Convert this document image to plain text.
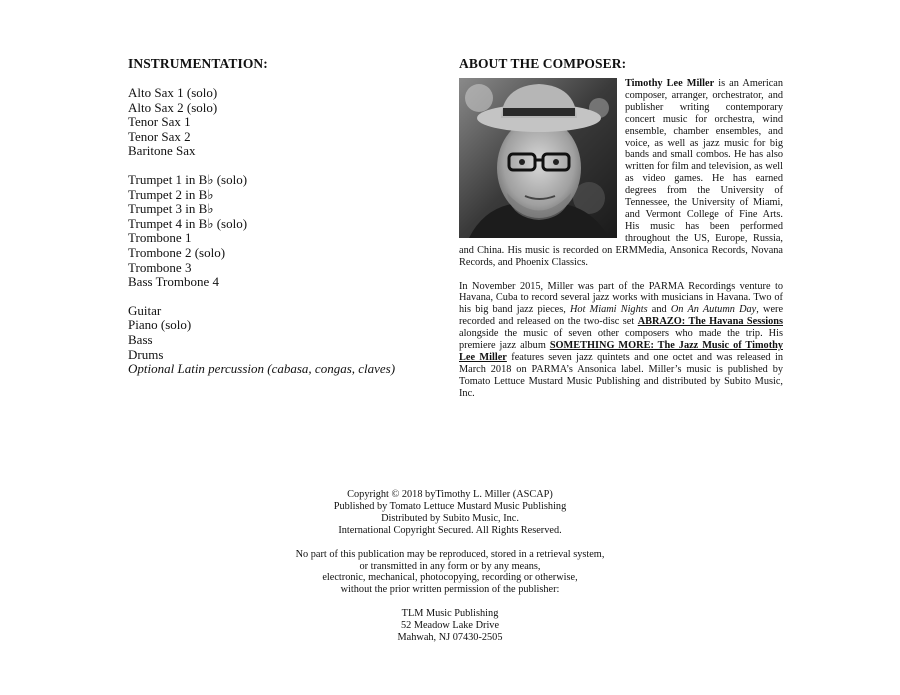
INSTRUMENTATION:
Alto Sax 1 (solo)
Alto Sax 2 (solo)
Tenor Sax 1
Tenor Sax 2
Baritone Sax
Trumpet 1 in B♭ (solo)
Trumpet 2 in B♭
Trumpet 3 in B♭
Trumpet 4 in B♭ (solo)
Trombone 1
Trombone 2 (solo)
Trombone 3
Bass Trombone 4
Guitar
Piano (solo)
Bass
Drums
Optional Latin percussion (cabasa, congas, claves)
ABOUT THE COMPOSER:

Timothy Lee Miller is an American composer, arranger, orchestrator, and publisher writing contemporary concert music for orchestra, wind ensemble, chamber ensembles, and voice, as well as jazz music for big bands and small combos. He has also written for film and television, as well as video games. He has earned degrees from the University of Tennessee, the University of Miami, and Vermont College of Fine Arts. His music has been performed throughout the US, Europe, Russia, and China. His music is recorded on ERMMedia, Ansonica Records, Novana Records, and Phoenix Classics.

In November 2015, Miller was part of the PARMA Recordings venture to Havana, Cuba to record several jazz works with musicians in Havana. Two of his big band jazz pieces, Hot Miami Nights and On An Autumn Day, were recorded and released on the two-disc set ABRAZO: The Havana Sessions alongside the music of seven other composers who made the trip. His premiere jazz album SOMETHING MORE: The Jazz Music of Timothy Lee Miller features seven jazz quintets and one octet and was released in March 2018 on PARMA’s Ansonica label. Miller’s music is published by Tomato Lettuce Mustard Music Publishing and distributed by Subito Music, Inc.

Copyright © 2018 byTimothy L. Miller (ASCAP)
Published by Tomato Lettuce Mustard Music Publishing
Distributed by Subito Music, Inc.
International Copyright Secured. All Rights Reserved.

No part of this publication may be reproduced, stored in a retrieval system,
or transmitted in any form or by any means,
electronic, mechanical, photocopying, recording or otherwise,
without the prior written permission of the publisher:

TLM Music Publishing
52 Meadow Lake Drive
Mahwah, NJ 07430-2505
